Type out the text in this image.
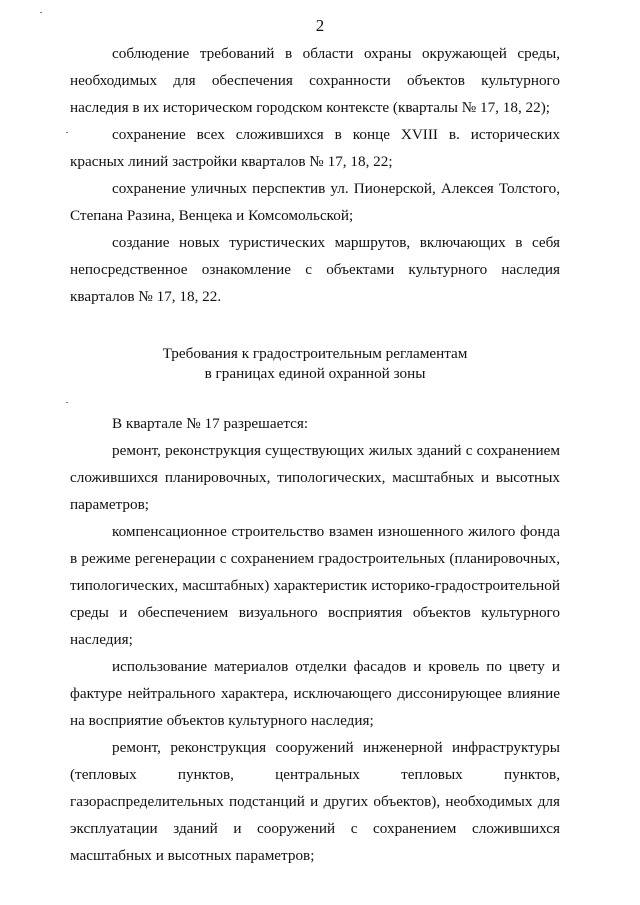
2

соблюдение требований в области охраны окружающей среды, необходимых для обеспечения сохранности объектов культурного наследия в их историческом городском контексте (кварталы № 17, 18, 22);

сохранение всех сложившихся в конце XVIII в. исторических красных линий застройки кварталов № 17, 18, 22;

сохранение уличных перспектив ул. Пионерской, Алексея Толстого, Степана Разина, Венцека и Комсомольской;

создание новых туристических маршрутов, включающих в себя непосредственное ознакомление с объектами культурного наследия кварталов № 17, 18, 22.

Требования к градостроительным регламентам

в границах единой охранной зоны

В квартале № 17 разрешается:

ремонт, реконструкция существующих жилых зданий с сохранением сложившихся планировочных, типологических, масштабных и высотных параметров;

компенсационное строительство взамен изношенного жилого фонда в режиме регенерации с сохранением градостроительных (планировочных, типологических, масштабных) характеристик историко-градостроительной среды и обеспечением визуального восприятия объектов культурного наследия;

использование материалов отделки фасадов и кровель по цвету и фактуре нейтрального характера, исключающего диссонирующее влияние на восприятие объектов культурного наследия;

ремонт, реконструкция сооружений инженерной инфраструктуры (тепловых пунктов, центральных тепловых пунктов, газораспределительных подстанций и других объектов), необходимых для эксплуатации зданий и сооружений с сохранением сложившихся масштабных и высотных параметров;
